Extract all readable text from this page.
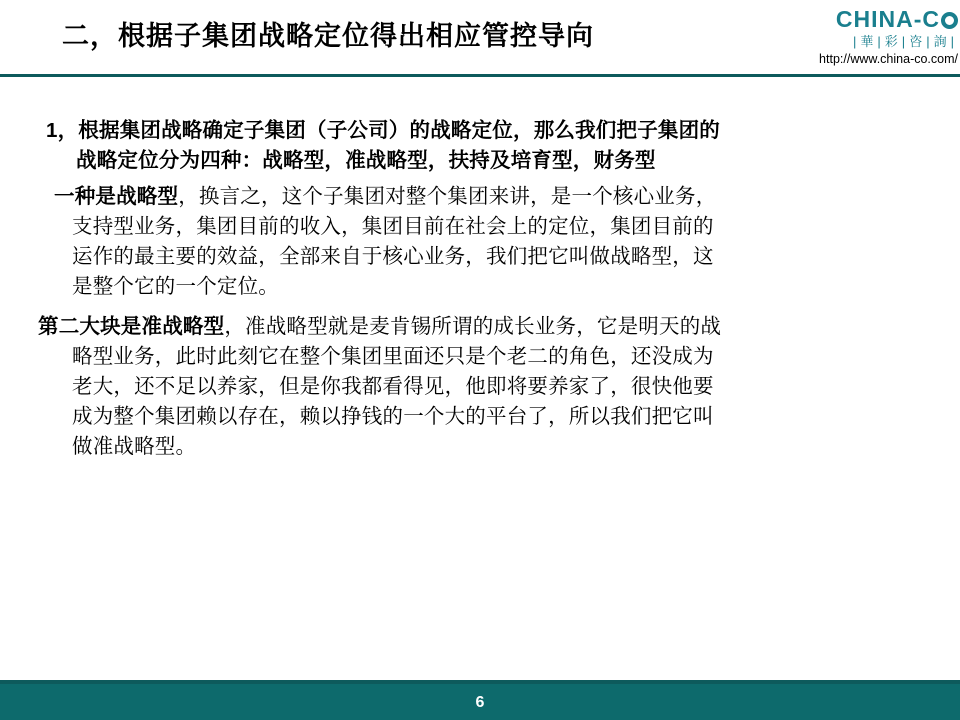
二，根据子集团战略定位得出相应管控导向
CHINA-C
|華|彩|咨|詢|
http://www.china-co.com/
1，根据集团战略确定子集团（子公司）的战略定位，那么我们把子集团的
战略定位分为四种：战略型，准战略型，扶持及培育型，财务型
一种是战略型，换言之，这个子集团对整个集团来讲，是一个核心业务，
支持型业务，集团目前的收入，集团目前在社会上的定位，集团目前的
运作的最主要的效益，全部来自于核心业务，我们把它叫做战略型，这
是整个它的一个定位。
第二大块是准战略型，准战略型就是麦肯锡所谓的成长业务，它是明天的战
略型业务，此时此刻它在整个集团里面还只是个老二的角色，还没成为
老大，还不足以养家，但是你我都看得见，他即将要养家了，很快他要
成为整个集团赖以存在，赖以挣钱的一个大的平台了，所以我们把它叫
做准战略型。
6
